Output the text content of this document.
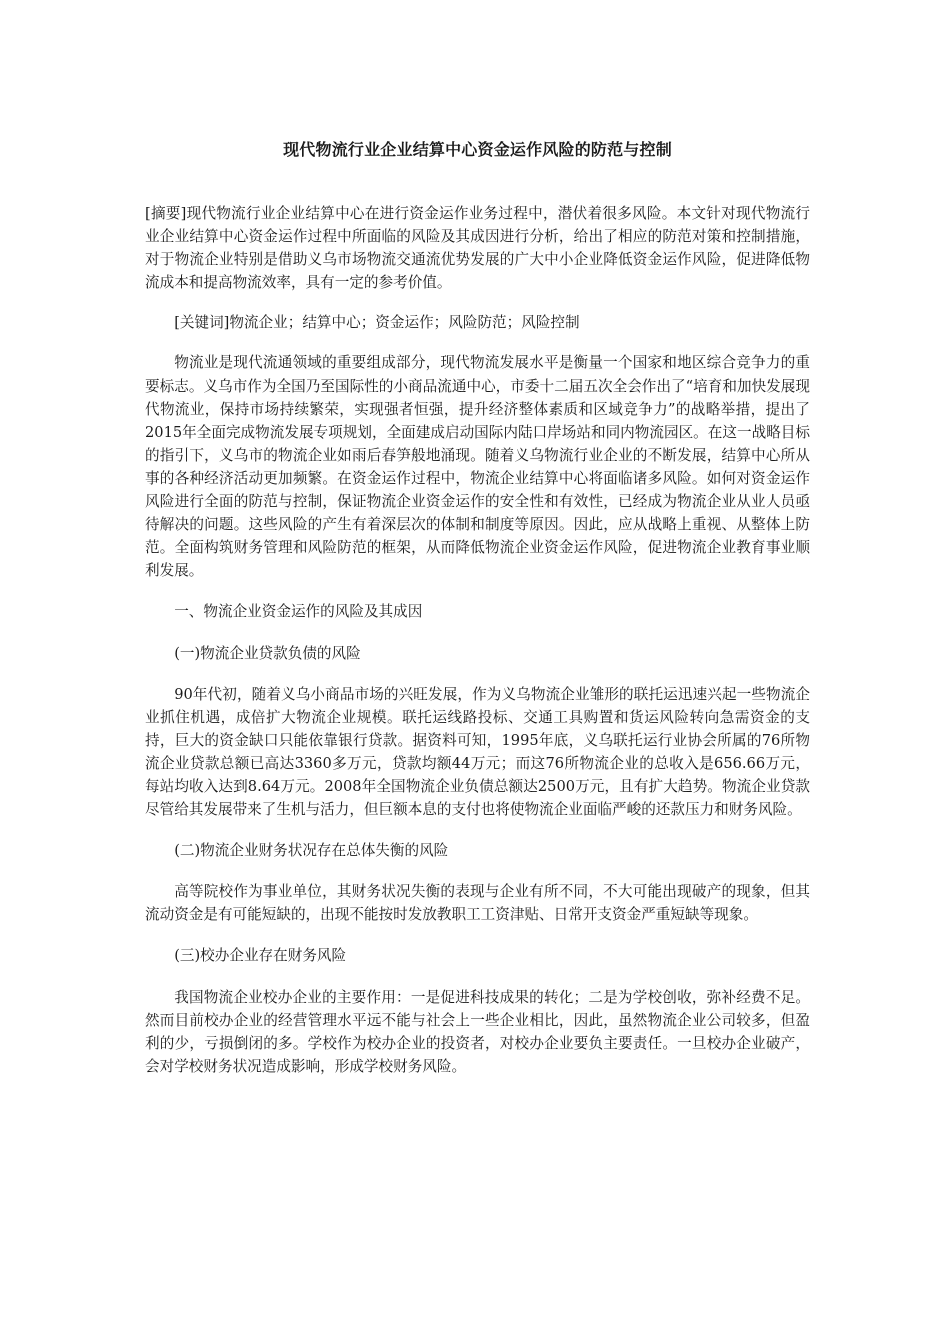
现代物流行业企业结算中心资金运作风险的防范与控制

[摘要]现代物流行业企业结算中心在进行资金运作业务过程中，潜伏着很多风险。本文针对现代物流行业企业结算中心资金运作过程中所面临的风险及其成因进行分析，给出了相应的防范对策和控制措施，对于物流企业特别是借助义乌市场物流交通流优势发展的广大中小企业降低资金运作风险，促进降低物流成本和提高物流效率，具有一定的参考价值。

[关键词]物流企业；结算中心；资金运作；风险防范；风险控制

物流业是现代流通领域的重要组成部分，现代物流发展水平是衡量一个国家和地区综合竞争力的重要标志。义乌市作为全国乃至国际性的小商品流通中心，市委十二届五次全会作出了“培育和加快发展现代物流业，保持市场持续繁荣，实现强者恒强，提升经济整体素质和区域竞争力”的战略举措，提出了2015年全面完成物流发展专项规划，全面建成启动国际内陆口岸场站和同内物流园区。在这一战略目标的指引下，义乌市的物流企业如雨后春笋般地涌现。随着义乌物流行业企业的不断发展，结算中心所从事的各种经济活动更加频繁。在资金运作过程中，物流企业结算中心将面临诸多风险。如何对资金运作风险进行全面的防范与控制，保证物流企业资金运作的安全性和有效性，已经成为物流企业从业人员亟待解决的问题。这些风险的产生有着深层次的体制和制度等原因。因此，应从战略上重视、从整体上防范。全面构筑财务管理和风险防范的框架，从而降低物流企业资金运作风险，促进物流企业教育事业顺利发展。

一、物流企业资金运作的风险及其成因

(一)物流企业贷款负债的风险

90年代初，随着义乌小商品市场的兴旺发展，作为义乌物流企业雏形的联托运迅速兴起一些物流企业抓住机遇，成倍扩大物流企业规模。联托运线路投标、交通工具购置和货运风险转向急需资金的支持，巨大的资金缺口只能依靠银行贷款。据资料可知，1995年底，义乌联托运行业协会所属的76所物流企业贷款总额已高达3360多万元，贷款均额44万元；而这76所物流企业的总收入是656.66万元，每站均收入达到8.64万元。2008年全国物流企业负债总额达2500万元，且有扩大趋势。物流企业贷款尽管给其发展带来了生机与活力，但巨额本息的支付也将使物流企业面临严峻的还款压力和财务风险。

(二)物流企业财务状况存在总体失衡的风险

高等院校作为事业单位，其财务状况失衡的表现与企业有所不同，不大可能出现破产的现象，但其流动资金是有可能短缺的，出现不能按时发放教职工工资津贴、日常开支资金严重短缺等现象。

(三)校办企业存在财务风险

我国物流企业校办企业的主要作用：一是促进科技成果的转化；二是为学校创收，弥补经费不足。然而目前校办企业的经营管理水平远不能与社会上一些企业相比，因此，虽然物流企业公司较多，但盈利的少，亏损倒闭的多。学校作为校办企业的投资者，对校办企业要负主要责任。一旦校办企业破产，会对学校财务状况造成影响，形成学校财务风险。
